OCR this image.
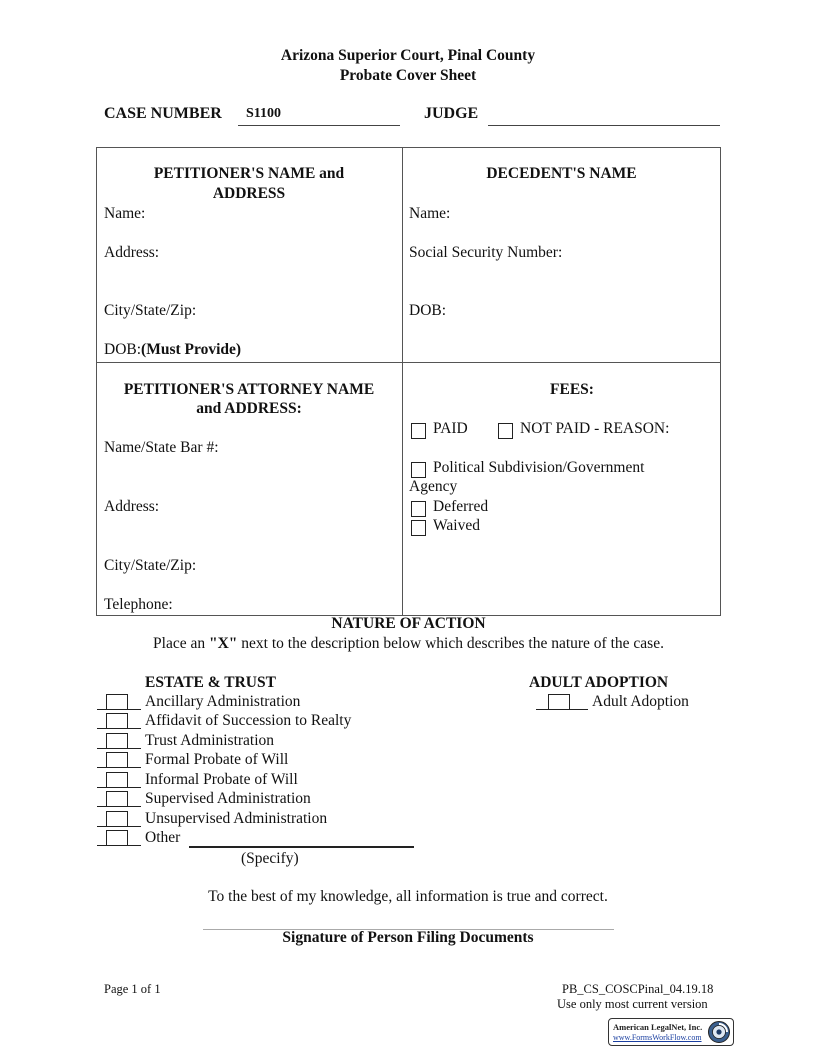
Arizona Superior Court, Pinal County
Probate Cover Sheet
CASE NUMBER S1100	JUDGE
PETITIONER'S NAME and
ADDRESS
Name:
Address:
City/State/Zip:
DOB:(Must Provide)
DECEDENT'S NAME
Name:
Social Security Number:
DOB:
PETITIONER'S ATTORNEY NAME
and ADDRESS:
Name/State Bar #:
Address:
City/State/Zip:
Telephone:
FEES:
PAID	NOT PAID - REASON:
Political Subdivision/Government
Agency
Deferred
Waived
NATURE OF ACTION
Place an "X" next to the description below which describes the nature of the case.
ESTATE & TRUST	ADULT ADOPTION
Ancillary Administration
Affidavit of Succession to Realty
Trust Administration
Formal Probate of Will
Informal Probate of Will
Supervised Administration
Unsupervised Administration
Other
(Specify)
Adult Adoption
To the best of my knowledge, all information is true and correct.
Signature of Person Filing Documents
Page 1 of 1	PB_CS_COSCPinal_04.19.18
Use only most current version
American LegalNet, Inc.
www.FormsWorkFlow.com
